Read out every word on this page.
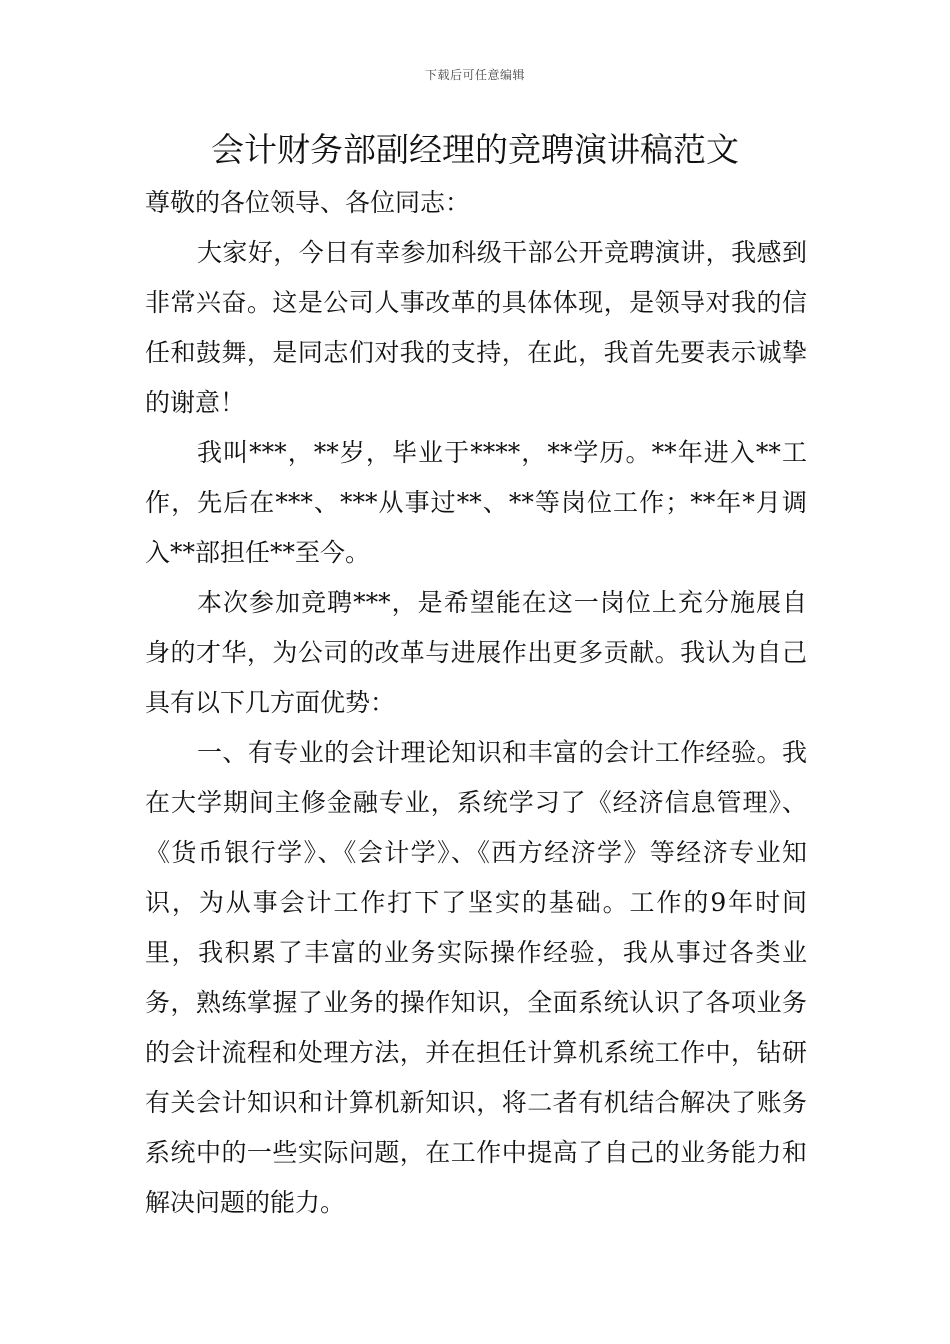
下载后可任意编辑
会计财务部副经理的竞聘演讲稿范文

尊敬的各位领导、各位同志：

大家好，今日有幸参加科级干部公开竞聘演讲，我感到非常兴奋。这是公司人事改革的具体体现，是领导对我的信任和鼓舞，是同志们对我的支持，在此，我首先要表示诚挚的谢意！

我叫***，**岁，毕业于****，**学历。**年进入**工作，先后在***、***从事过**、**等岗位工作；**年*月调入**部担任**至今。

本次参加竞聘***，是希望能在这一岗位上充分施展自身的才华，为公司的改革与进展作出更多贡献。我认为自己具有以下几方面优势：

一、有专业的会计理论知识和丰富的会计工作经验。我在大学期间主修金融专业，系统学习了《经济信息管理》、《货币银行学》、《会计学》、《西方经济学》等经济专业知识，为从事会计工作打下了坚实的基础。工作的9年时间里，我积累了丰富的业务实际操作经验，我从事过各类业务，熟练掌握了业务的操作知识，全面系统认识了各项业务的会计流程和处理方法，并在担任计算机系统工作中，钻研有关会计知识和计算机新知识，将二者有机结合解决了账务系统中的一些实际问题，在工作中提高了自己的业务能力和解决问题的能力。
